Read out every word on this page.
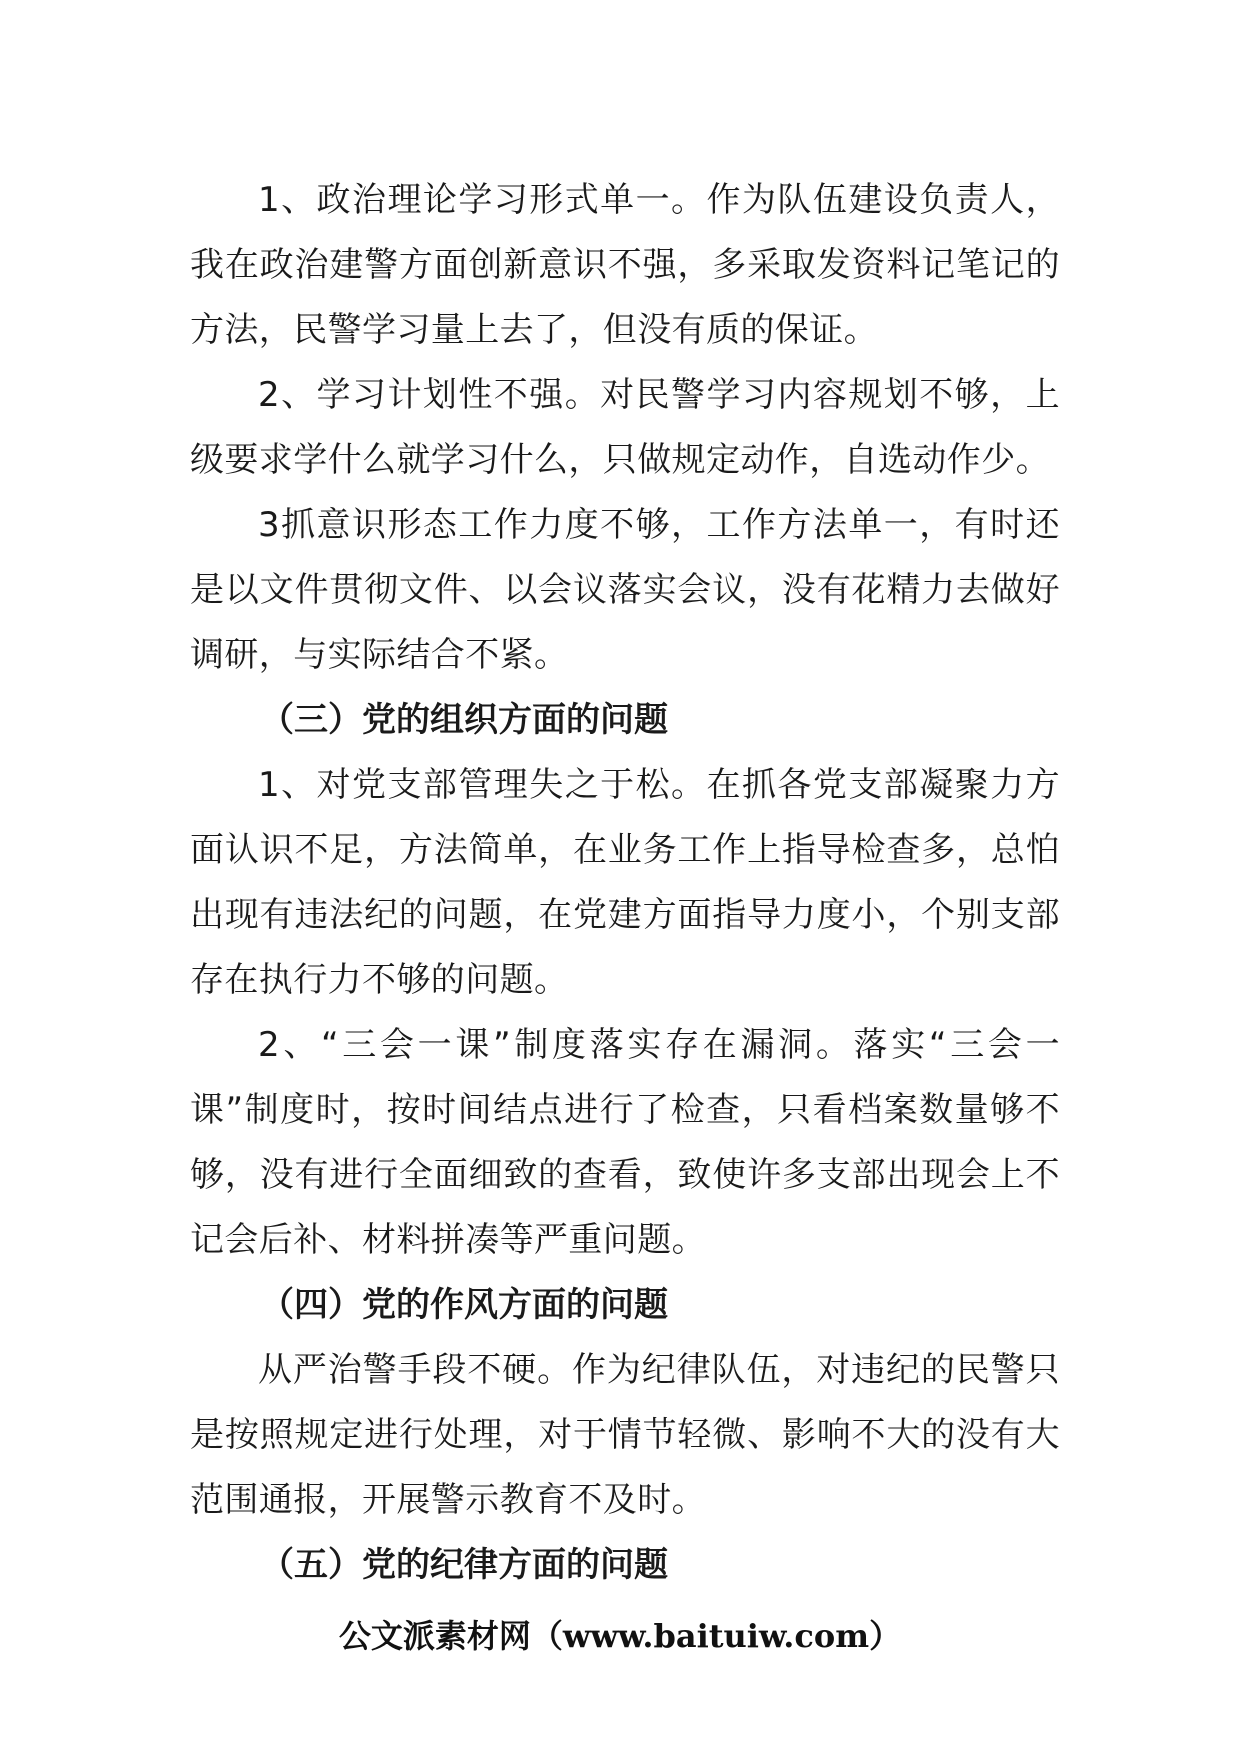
1、政治理论学习形式单一。作为队伍建设负责人，我在政治建警方面创新意识不强，多采取发资料记笔记的方法，民警学习量上去了，但没有质的保证。

2、学习计划性不强。对民警学习内容规划不够，上级要求学什么就学习什么，只做规定动作，自选动作少。

3抓意识形态工作力度不够，工作方法单一，有时还是以文件贯彻文件、以会议落实会议，没有花精力去做好调研，与实际结合不紧。

（三）党的组织方面的问题

1、对党支部管理失之于松。在抓各党支部凝聚力方面认识不足，方法简单，在业务工作上指导检查多，总怕出现有违法纪的问题，在党建方面指导力度小，个别支部存在执行力不够的问题。

2、“三会一课”制度落实存在漏洞。落实“三会一课”制度时，按时间结点进行了检查，只看档案数量够不够，没有进行全面细致的查看，致使许多支部出现会上不记会后补、材料拼凑等严重问题。

（四）党的作风方面的问题

从严治警手段不硬。作为纪律队伍，对违纪的民警只是按照规定进行处理，对于情节轻微、影响不大的没有大范围通报，开展警示教育不及时。

（五）党的纪律方面的问题

公文派素材网（www.baituiw.com）
